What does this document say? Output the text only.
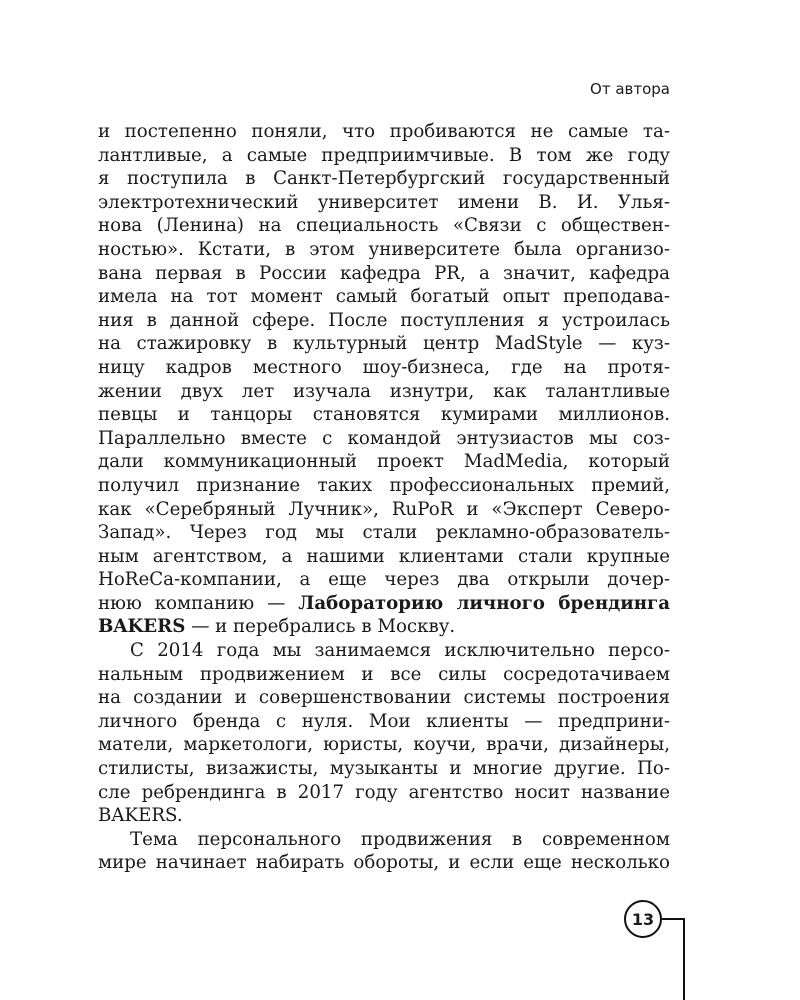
От автора
и постепенно поняли, что пробиваются не самые та-
лантливые, а самые предприимчивые. В том же году
я поступила в Санкт-Петербургский государственный
электротехнический университет имени В. И. Улья-
нова (Ленина) на специальность «Связи с обществен-
ностью». Кстати, в этом университете была организо-
вана первая в России кафедра PR, а значит, кафедра
имела на тот момент самый богатый опыт преподава-
ния в данной сфере. После поступления я устроилась
на стажировку в культурный центр MadStyle — куз-
ницу кадров местного шоу-бизнеса, где на протя-
жении двух лет изучала изнутри, как талантливые
певцы и танцоры становятся кумирами миллионов.
Параллельно вместе с командой энтузиастов мы соз-
дали коммуникационный проект MadMedia, который
получил признание таких профессиональных премий,
как «Серебряный Лучник», RuPoR и «Эксперт Северо-
Запад». Через год мы стали рекламно-образователь-
ным агентством, а нашими клиентами стали крупные
HoReCa-компании, а еще через два открыли дочер-
нюю компанию — Лабораторию личного брендинга
BAKERS — и перебрались в Москву.
С 2014 года мы занимаемся исключительно персо-
нальным продвижением и все силы сосредотачиваем
на создании и совершенствовании системы построения
личного бренда с нуля. Мои клиенты — предприни-
матели, маркетологи, юристы, коучи, врачи, дизайнеры,
стилисты, визажисты, музыканты и многие другие. По-
сле ребрендинга в 2017 году агентство носит название
BAKERS.
Тема персонального продвижения в современном
мире начинает набирать обороты, и если еще несколько
13
